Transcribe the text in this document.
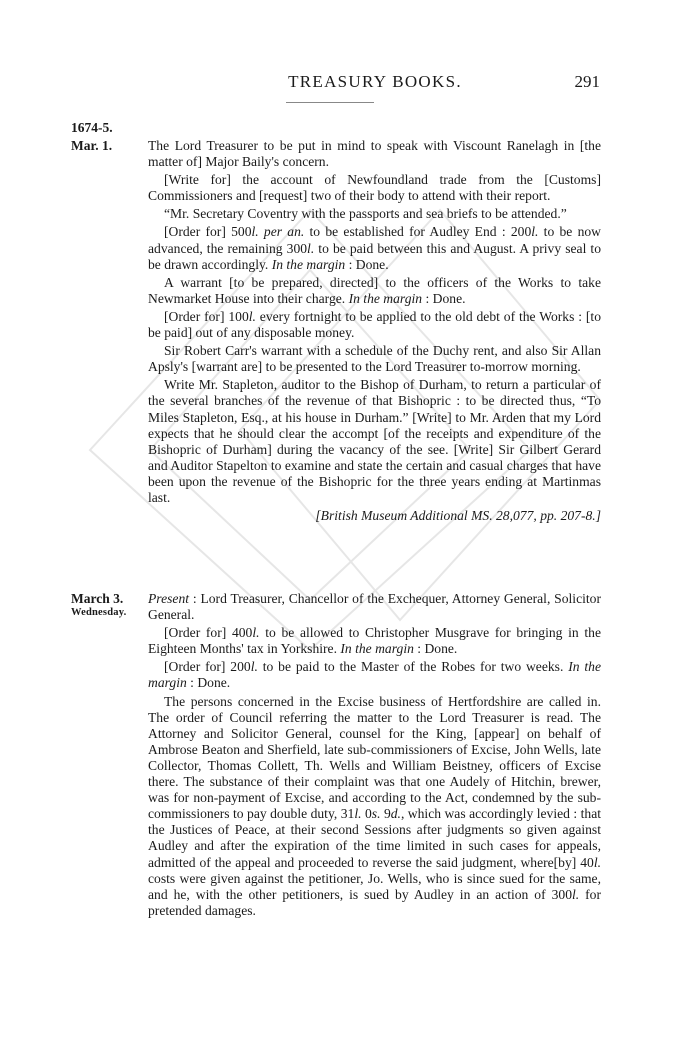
TREASURY BOOKS.	291
1674-5.
Mar. 1.	The Lord Treasurer to be put in mind to speak with Viscount Ranelagh in [the matter of] Major Baily's concern.

[Write for] the account of Newfoundland trade from the [Customs] Commissioners and [request] two of their body to attend with their report.

“Mr. Secretary Coventry with the passports and sea briefs to be attended.”

[Order for] 500l. per an. to be established for Audley End : 200l. to be now advanced, the remaining 300l. to be paid between this and August. A privy seal to be drawn accordingly. In the margin : Done.

A warrant [to be prepared, directed] to the officers of the Works to take Newmarket House into their charge. In the margin : Done.

[Order for] 100l. every fortnight to be applied to the old debt of the Works : [to be paid] out of any disposable money.

Sir Robert Carr's warrant with a schedule of the Duchy rent, and also Sir Allan Apsly's [warrant are] to be presented to the Lord Treasurer to-morrow morning.

Write Mr. Stapleton, auditor to the Bishop of Durham, to return a particular of the several branches of the revenue of that Bishopric : to be directed thus, “To Miles Stapleton, Esq., at his house in Durham.” [Write] to Mr. Arden that my Lord expects that he should clear the accompt [of the receipts and expenditure of the Bishopric of Durham] during the vacancy of the see. [Write] Sir Gilbert Gerard and Auditor Stapelton to examine and state the certain and casual charges that have been upon the revenue of the Bishopric for the three years ending at Martinmas last.

[British Museum Additional MS. 28,077, pp. 207-8.]

March 3.
Wednesday.

Present : Lord Treasurer, Chancellor of the Exchequer, Attorney General, Solicitor General.

[Order for] 400l. to be allowed to Christopher Musgrave for bringing in the Eighteen Months' tax in Yorkshire. In the margin : Done.

[Order for] 200l. to be paid to the Master of the Robes for two weeks. In the margin : Done.

The persons concerned in the Excise business of Hertfordshire are called in. The order of Council referring the matter to the Lord Treasurer is read. The Attorney and Solicitor General, counsel for the King, [appear] on behalf of Ambrose Beaton and Sherfield, late sub-commissioners of Excise, John Wells, late Collector, Thomas Collett, Th. Wells and William Beistney, officers of Excise there. The substance of their complaint was that one Audely of Hitchin, brewer, was for non-payment of Excise, and according to the Act, condemned by the sub-commissioners to pay double duty, 31l. 0s. 9d., which was accordingly levied : that the Justices of Peace, at their second Sessions after judgments so given against Audley and after the expiration of the time limited in such cases for appeals, admitted of the appeal and proceeded to reverse the said judgment, where[by] 40l. costs were given against the petitioner, Jo. Wells, who is since sued for the same, and he, with the other petitioners, is sued by Audley in an action of 300l. for pretended damages.
